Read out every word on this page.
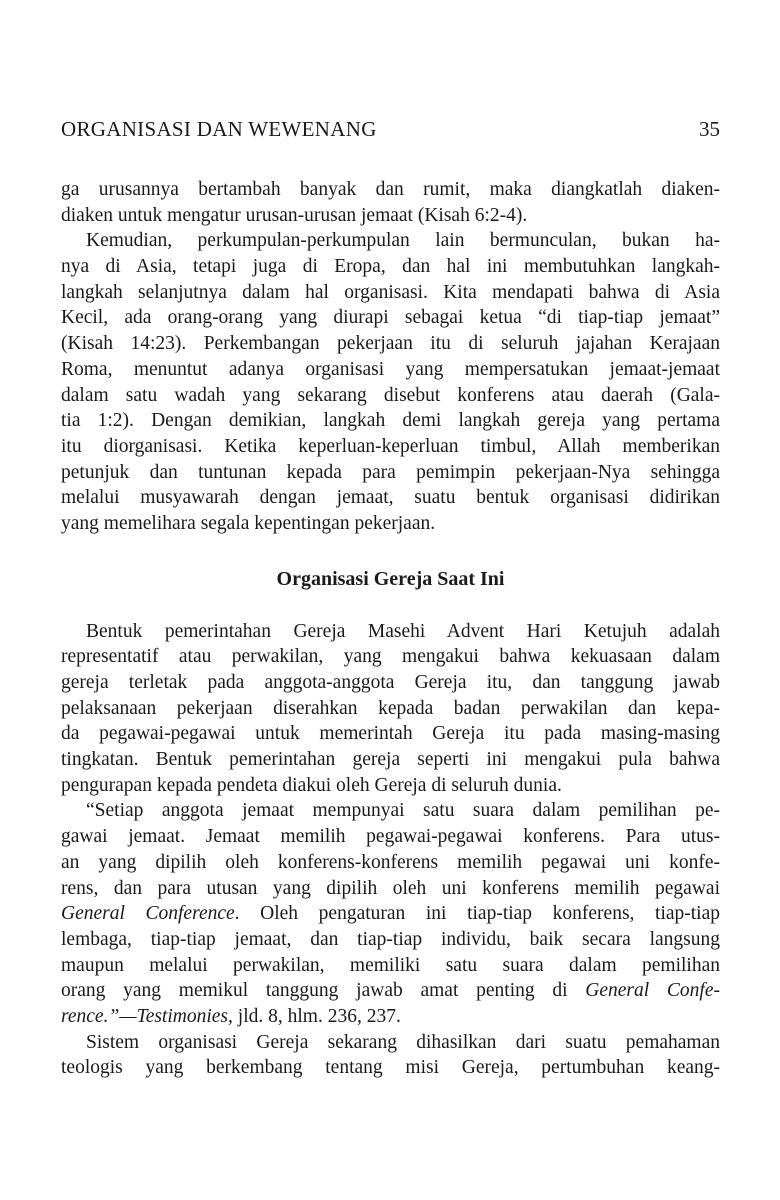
ORGANISASI DAN WEWENANG	35
ga urusannya bertambah banyak dan rumit, maka diangkatlah diaken-
diaken untuk mengatur urusan-urusan jemaat (Kisah 6:2-4).
Kemudian, perkumpulan-perkumpulan lain bermunculan, bukan ha-
nya di Asia, tetapi juga di Eropa, dan hal ini membutuhkan langkah-
langkah selanjutnya dalam hal organisasi. Kita mendapati bahwa di Asia
Kecil, ada orang-orang yang diurapi sebagai ketua “di tiap-tiap jemaat”
(Kisah 14:23). Perkembangan pekerjaan itu di seluruh jajahan Kerajaan
Roma, menuntut adanya organisasi yang mempersatukan jemaat-jemaat
dalam satu wadah yang sekarang disebut konferens atau daerah (Gala-
tia 1:2). Dengan demikian, langkah demi langkah gereja yang pertama
itu diorganisasi. Ketika keperluan-keperluan timbul, Allah memberikan
petunjuk dan tuntunan kepada para pemimpin pekerjaan-Nya sehingga
melalui musyawarah dengan jemaat, suatu bentuk organisasi didirikan
yang memelihara segala kepentingan pekerjaan.
Organisasi Gereja Saat Ini
Bentuk pemerintahan Gereja Masehi Advent Hari Ketujuh adalah
representatif atau perwakilan, yang mengakui bahwa kekuasaan dalam
gereja terletak pada anggota-anggota Gereja itu, dan tanggung jawab
pelaksanaan pekerjaan diserahkan kepada badan perwakilan dan kepa-
da pegawai-pegawai untuk memerintah Gereja itu pada masing-masing
tingkatan. Bentuk pemerintahan gereja seperti ini mengakui pula bahwa
pengurapan kepada pendeta diakui oleh Gereja di seluruh dunia.
“Setiap anggota jemaat mempunyai satu suara dalam pemilihan pe-
gawai jemaat. Jemaat memilih pegawai-pegawai konferens. Para utus-
an yang dipilih oleh konferens-konferens memilih pegawai uni konfe-
rens, dan para utusan yang dipilih oleh uni konferens memilih pegawai
General Conference. Oleh pengaturan ini tiap-tiap konferens, tiap-tiap
lembaga, tiap-tiap jemaat, dan tiap-tiap individu, baik secara langsung
maupun melalui perwakilan, memiliki satu suara dalam pemilihan
orang yang memikul tanggung jawab amat penting di General Confe-
rence.”—Testimonies, jld. 8, hlm. 236, 237.
Sistem organisasi Gereja sekarang dihasilkan dari suatu pemahaman
teologis yang berkembang tentang misi Gereja, pertumbuhan keang-
